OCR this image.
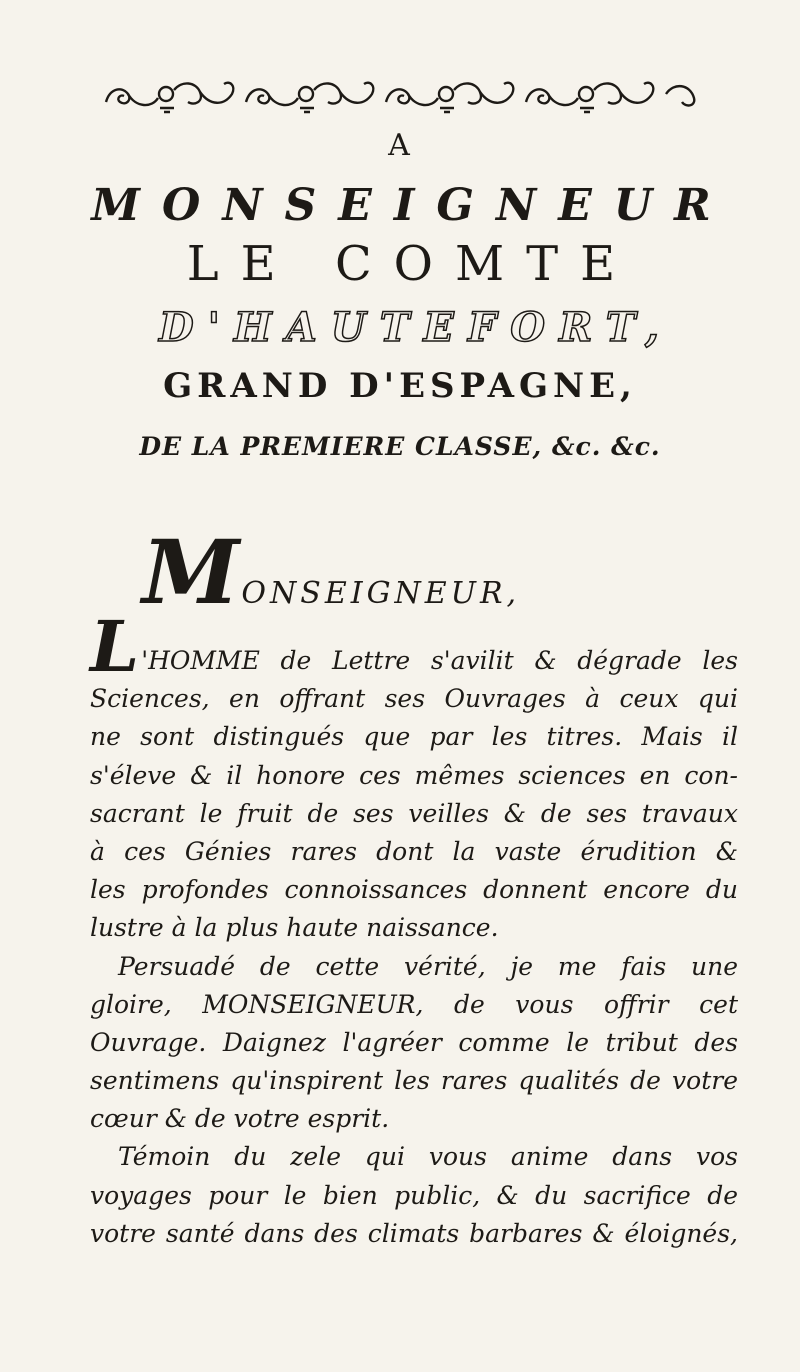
A
MONSEIGNEUR
LE COMTE
D'HAUTEFORT,
GRAND D'ESPAGNE,
DE LA PREMIERE CLASSE, &c. &c.
MONSEIGNEUR,
L'HOMME de Lettre s'avilit & dégrade les
Sciences, en offrant ses Ouvrages à ceux qui
ne sont distingués que par les titres. Mais il
s'éleve & il honore ces mêmes sciences en con-
sacrant le fruit de ses veilles & de ses travaux
à ces Génies rares dont la vaste érudition &
les profondes connoissances donnent encore du
lustre à la plus haute naissance.
Persuadé de cette vérité, je me fais une
gloire, MONSEIGNEUR, de vous offrir cet
Ouvrage. Daignez l'agréer comme le tribut des
sentimens qu'inspirent les rares qualités de votre
cœur & de votre esprit.
Témoin du zele qui vous anime dans vos
voyages pour le bien public, & du sacrifice de
votre santé dans des climats barbares & éloignés,
